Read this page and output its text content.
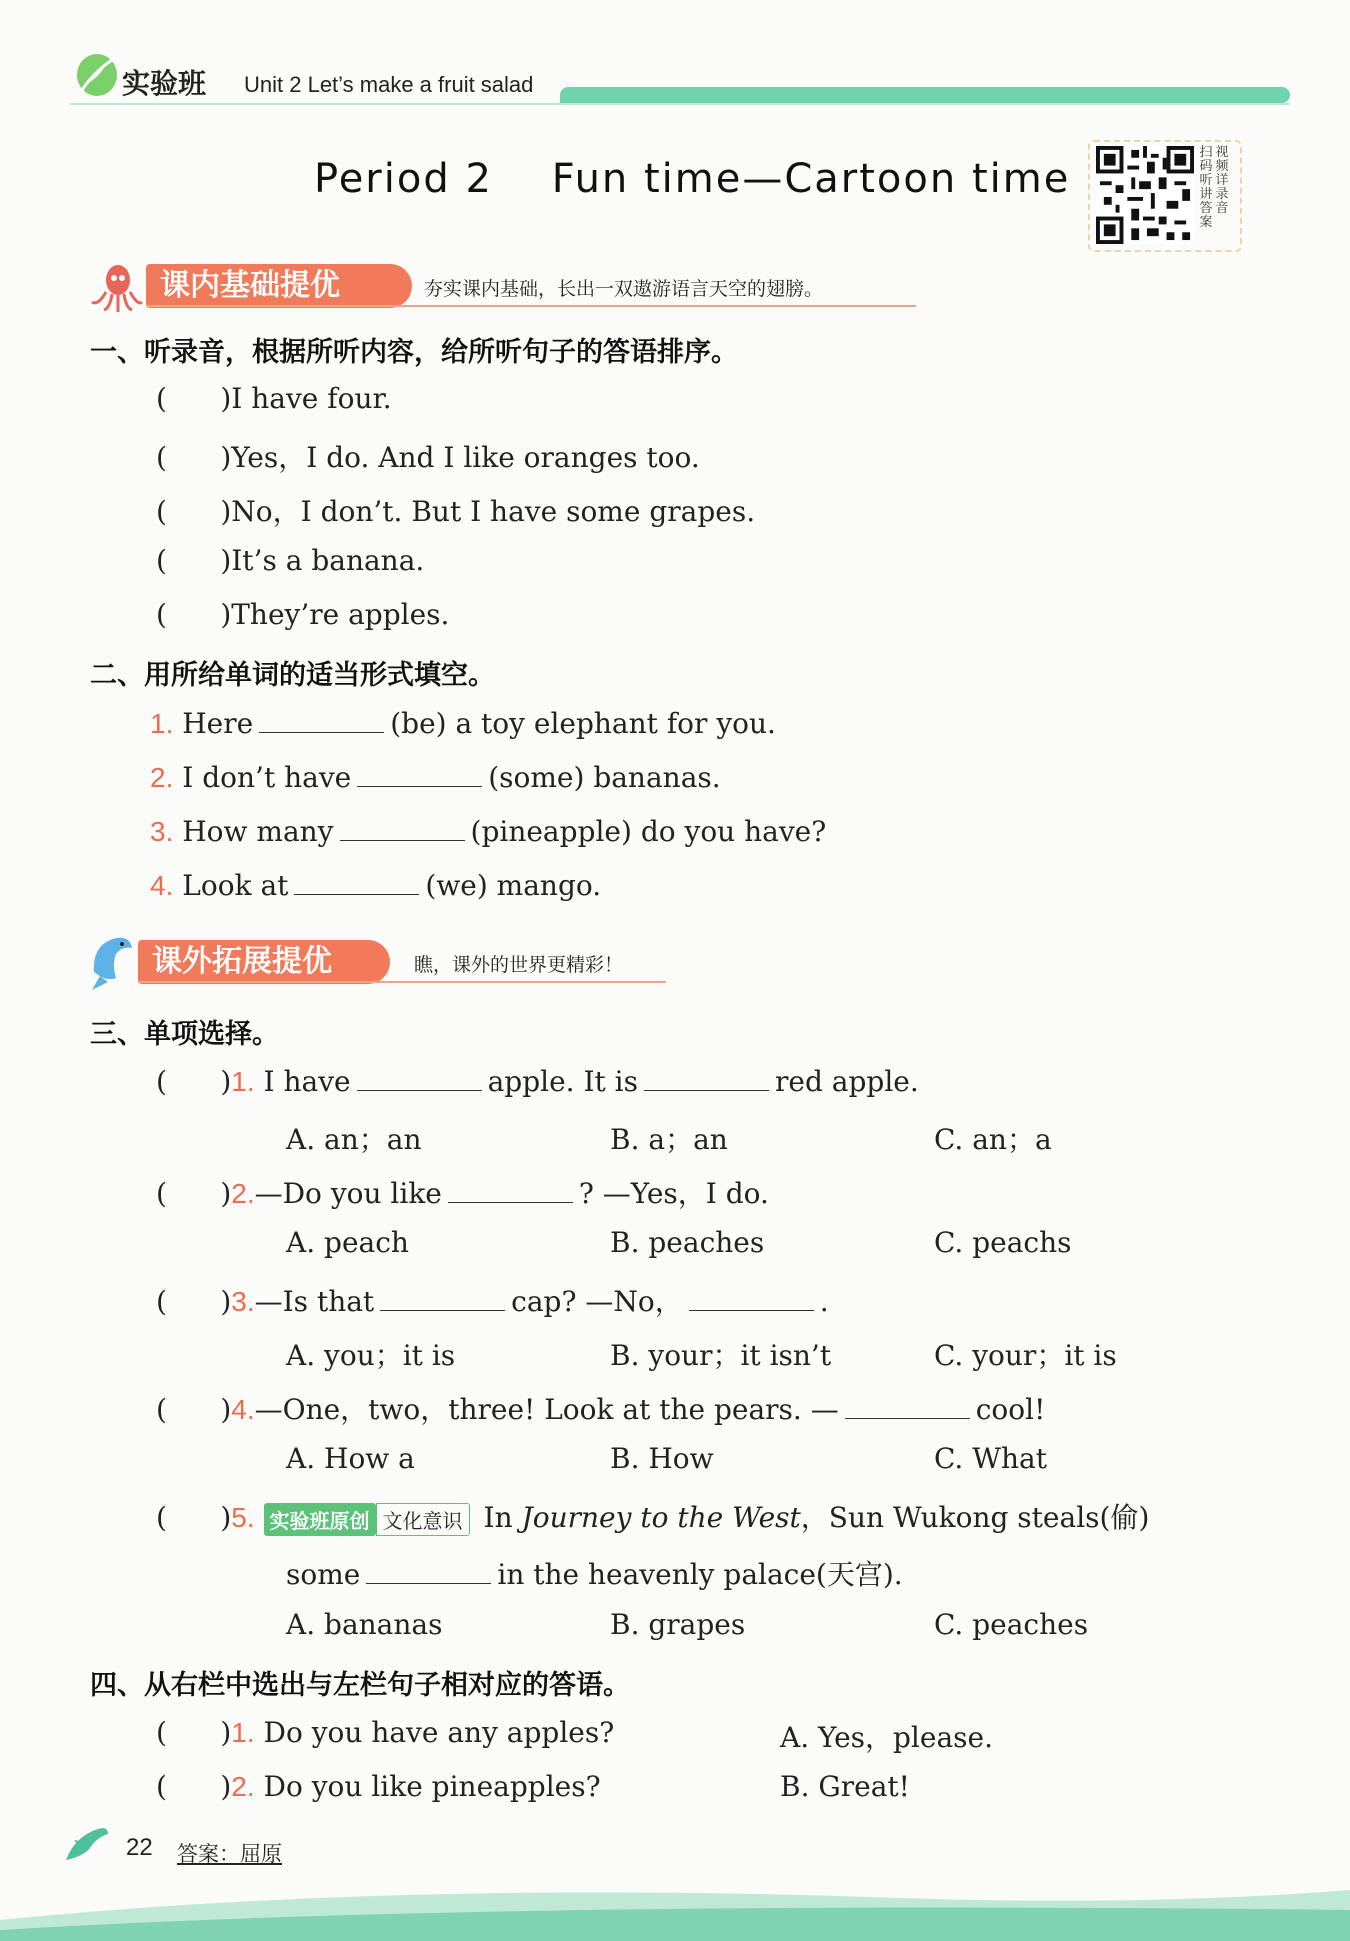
实验班 Unit 2 Let’s make a fruit salad
Period 2    Fun time—Cartoon time
扫 视
码 频
听 详
讲 录
答 音
案
课内基础提优	夯实课内基础，长出一双遨游语言天空的翅膀。
一、听录音，根据所听内容，给所听句子的答语排序。
(      )I have four.
(      )Yes，I do. And I like oranges too.
(      )No，I don’t. But I have some grapes.
(      )It’s a banana.
(      )They’re apples.
二、用所给单词的适当形式填空。
1. Here	(be) a toy elephant for you.
2. I don’t have	(some) bananas.
3. How many	(pineapple) do you have?
4. Look at	(we) mango.
课外拓展提优	瞧，课外的世界更精彩！
三、单项选择。
(      )1. I have	apple. It is	red apple.
A. an；an	B. a；an	C. an；a
(      )2.—Do you like	? —Yes，I do.
A. peach	B. peaches	C. peachs
(      )3.—Is that	cap? —No，	.
A. you；it is	B. your；it isn’t	C. your；it is
(      )4.—One，two，three! Look at the pears. —	cool!
A. How a	B. How	C. What
(      )5. 实验班原创 文化意识 In Journey to the West，Sun Wukong steals(偷)
some	in the heavenly palace(天宫).
A. bananas	B. grapes	C. peaches
四、从右栏中选出与左栏句子相对应的答语。
(      )1. Do you have any apples?	A. Yes，please.
(      )2. Do you like pineapples?	B. Great!
22 答案：屈原
